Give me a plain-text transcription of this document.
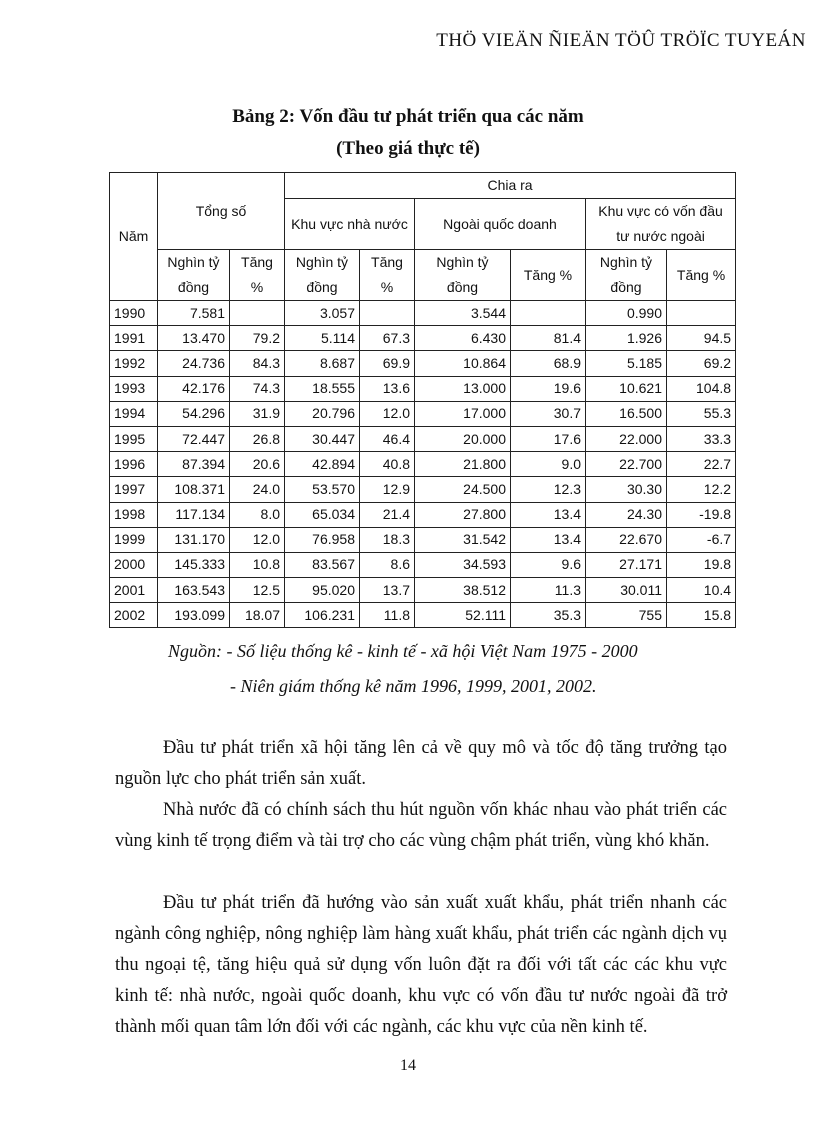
THÖ VIEÄN ÑIEÄN TÖÛ TRÖÏC TUYEÁN
Bảng 2: Vốn đầu tư phát triển qua các năm
(Theo giá thực tế)
Năm	Tổng số		Chia ra					
			Khu vực nhà nước		Ngoài quốc doanh		Khu vực có vốn đầu tư nước ngoài	
	Nghìn tỷ đồng	Tăng %	Nghìn tỷ đồng	Tăng %	Nghìn tỷ đồng	Tăng %	Nghìn tỷ đồng	Tăng %
1990	7.581		3.057		3.544		0.990	
1991	13.470	79.2	5.114	67.3	6.430	81.4	1.926	94.5
1992	24.736	84.3	8.687	69.9	10.864	68.9	5.185	69.2
1993	42.176	74.3	18.555	13.6	13.000	19.6	10.621	104.8
1994	54.296	31.9	20.796	12.0	17.000	30.7	16.500	55.3
1995	72.447	26.8	30.447	46.4	20.000	17.6	22.000	33.3
1996	87.394	20.6	42.894	40.8	21.800	9.0	22.700	22.7
1997	108.371	24.0	53.570	12.9	24.500	12.3	30.30	12.2
1998	117.134	8.0	65.034	21.4	27.800	13.4	24.30	-19.8
1999	131.170	12.0	76.958	18.3	31.542	13.4	22.670	-6.7
2000	145.333	10.8	83.567	8.6	34.593	9.6	27.171	19.8
2001	163.543	12.5	95.020	13.7	38.512	11.3	30.011	10.4
2002	193.099	18.07	106.231	11.8	52.111	35.3	755	15.8
Nguồn: - Số liệu thống kê - kinh tế - xã hội Việt Nam 1975 - 2000
- Niên giám thống kê năm 1996, 1999, 2001, 2002.

Đầu tư phát triển xã hội tăng lên cả về quy mô và tốc độ tăng trưởng tạo nguồn lực cho phát triển sản xuất.

Nhà nước đã có chính sách thu hút nguồn vốn khác nhau vào phát triển các vùng kinh tế trọng điểm và tài trợ cho các vùng chậm phát triển, vùng khó khăn.

Đầu tư phát triển đã hướng vào sản xuất xuất khẩu, phát triển nhanh các ngành công nghiệp, nông nghiệp làm hàng xuất khẩu, phát triển các ngành dịch vụ thu ngoại tệ, tăng hiệu quả sử dụng vốn luôn đặt ra đối với tất các các khu vực kinh tế: nhà nước, ngoài quốc doanh, khu vực có vốn đầu tư nước ngoài đã trở thành mối quan tâm lớn đối với các ngành, các khu vực của nền kinh tế.

14
